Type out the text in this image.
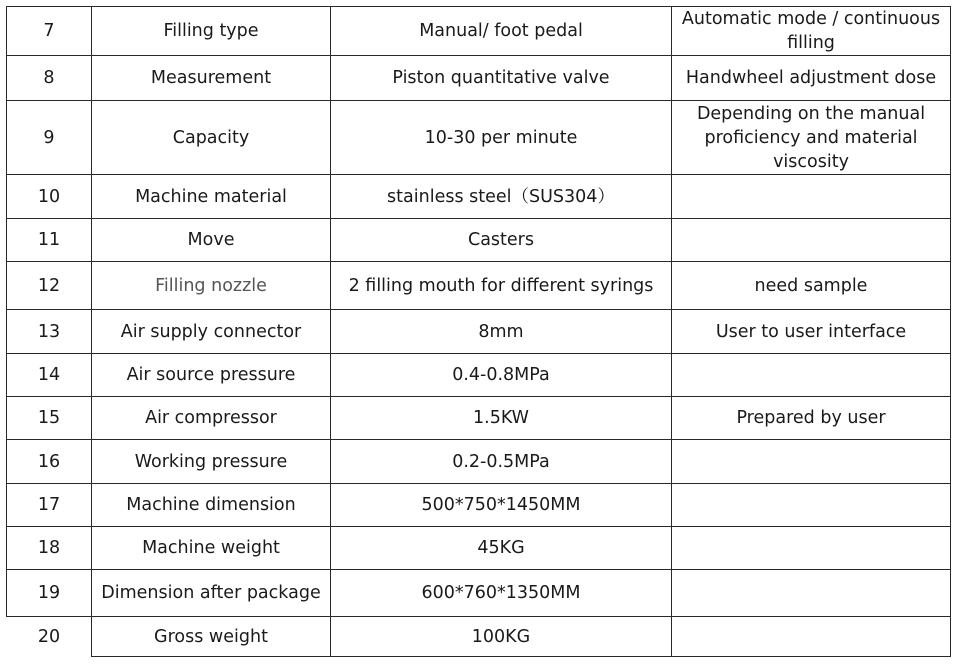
7	Filling type	Manual/ foot pedal	Automatic mode / continuous filling
8	Measurement	Piston quantitative valve	Handwheel adjustment dose
9	Capacity	10-30 per minute	Depending on the manual proficiency and material viscosity
10	Machine material	stainless steel（SUS304）	
11	Move	Casters	
12	Filling nozzle	2 filling mouth for different syrings	need sample
13	Air supply connector	8mm	User to user interface
14	Air source pressure	0.4-0.8MPa	
15	Air compressor	1.5KW	Prepared by user
16	Working pressure	0.2-0.5MPa	
17	Machine dimension	500*750*1450MM	
18	Machine weight	45KG	
19	Dimension after package	600*760*1350MM	
20	Gross weight	100KG	
